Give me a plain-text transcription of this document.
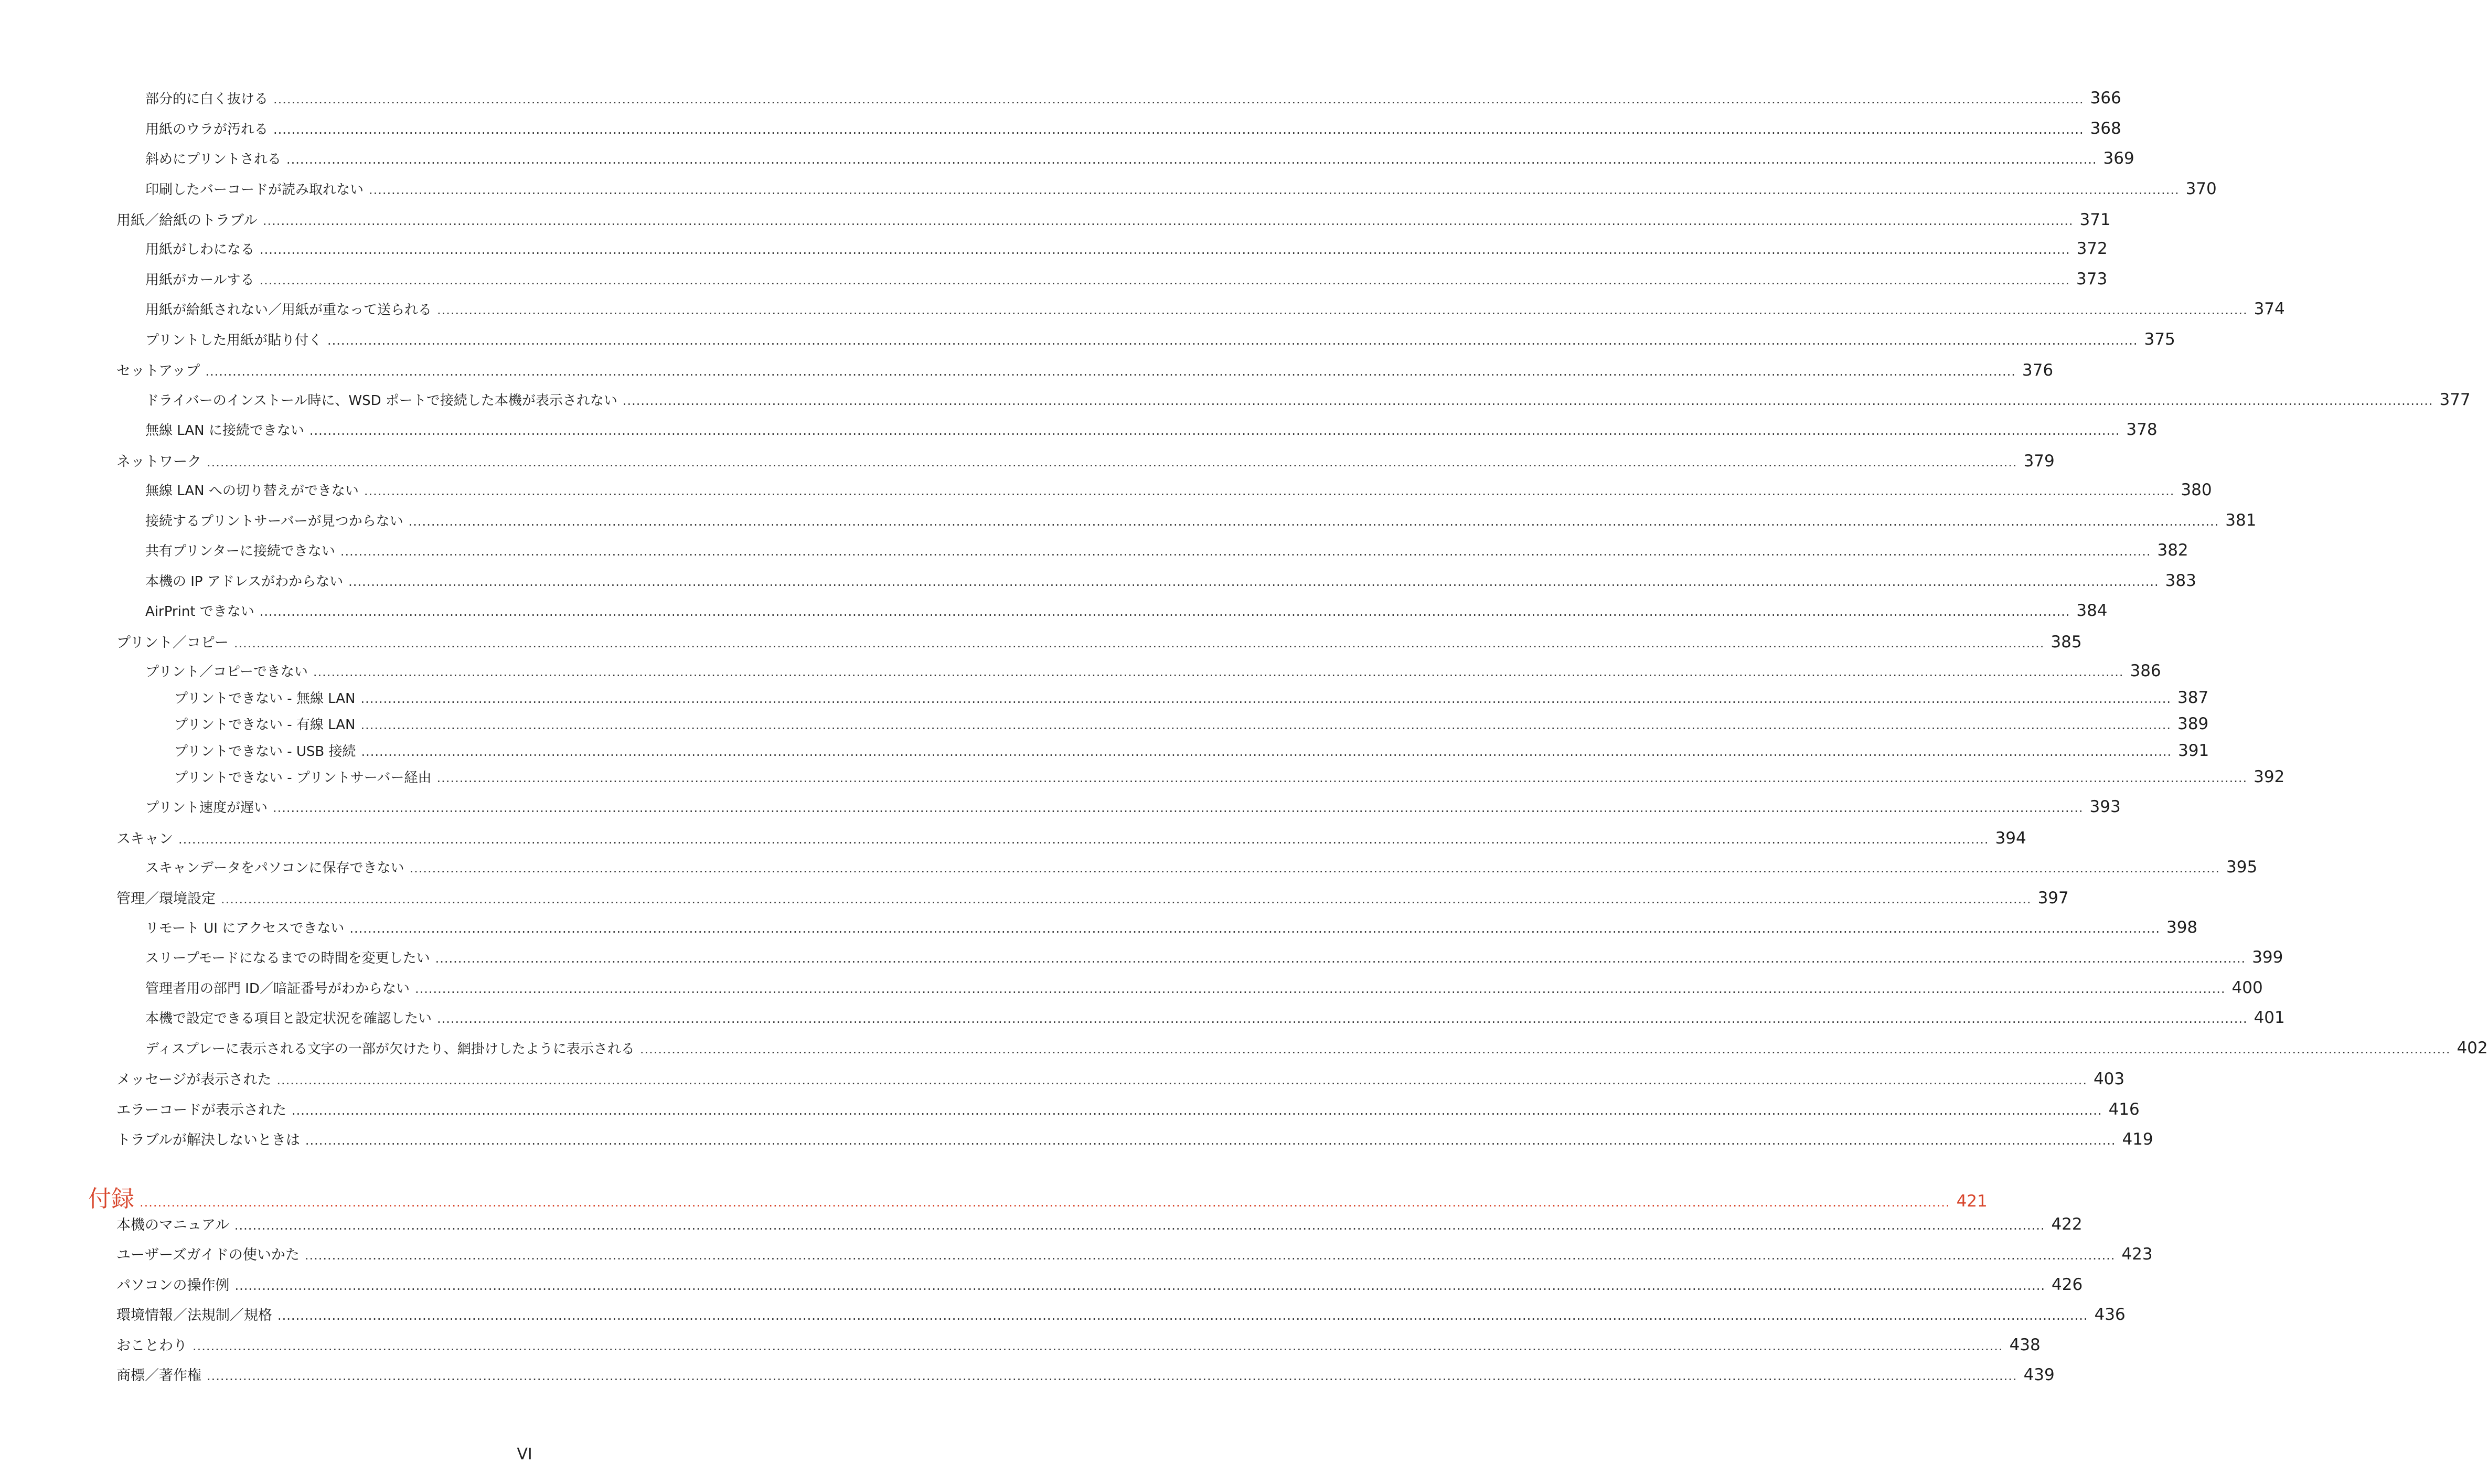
部分的に白く抜ける ................................................................................................................................................................................................................................................................................................................................................................................................................ 366
用紙のウラが汚れる ................................................................................................................................................................................................................................................................................................................................................................................................................ 368
斜めにプリントされる ................................................................................................................................................................................................................................................................................................................................................................................................................ 369
印刷したバーコードが読み取れない ................................................................................................................................................................................................................................................................................................................................................................................................................ 370
用紙／給紙のトラブル ................................................................................................................................................................................................................................................................................................................................................................................................................ 371
用紙がしわになる ................................................................................................................................................................................................................................................................................................................................................................................................................ 372
用紙がカールする ................................................................................................................................................................................................................................................................................................................................................................................................................ 373
用紙が給紙されない／用紙が重なって送られる ................................................................................................................................................................................................................................................................................................................................................................................................................ 374
プリントした用紙が貼り付く ................................................................................................................................................................................................................................................................................................................................................................................................................ 375
セットアップ ................................................................................................................................................................................................................................................................................................................................................................................................................ 376
ドライバーのインストール時に、WSD ポートで接続した本機が表示されない ................................................................................................................................................................................................................................................................................................................................................................................................................ 377
無線 LAN に接続できない ................................................................................................................................................................................................................................................................................................................................................................................................................ 378
ネットワーク ................................................................................................................................................................................................................................................................................................................................................................................................................ 379
無線 LAN への切り替えができない ................................................................................................................................................................................................................................................................................................................................................................................................................ 380
接続するプリントサーバーが見つからない ................................................................................................................................................................................................................................................................................................................................................................................................................ 381
共有プリンターに接続できない ................................................................................................................................................................................................................................................................................................................................................................................................................ 382
本機の IP アドレスがわからない ................................................................................................................................................................................................................................................................................................................................................................................................................ 383
AirPrint できない ................................................................................................................................................................................................................................................................................................................................................................................................................ 384
プリント／コピー ................................................................................................................................................................................................................................................................................................................................................................................................................ 385
プリント／コピーできない ................................................................................................................................................................................................................................................................................................................................................................................................................ 386
プリントできない - 無線 LAN ................................................................................................................................................................................................................................................................................................................................................................................................................ 387
プリントできない - 有線 LAN ................................................................................................................................................................................................................................................................................................................................................................................................................ 389
プリントできない - USB 接続 ................................................................................................................................................................................................................................................................................................................................................................................................................ 391
プリントできない - プリントサーバー経由 ................................................................................................................................................................................................................................................................................................................................................................................................................ 392
プリント速度が遅い ................................................................................................................................................................................................................................................................................................................................................................................................................ 393
スキャン ................................................................................................................................................................................................................................................................................................................................................................................................................ 394
スキャンデータをパソコンに保存できない ................................................................................................................................................................................................................................................................................................................................................................................................................ 395
管理／環境設定 ................................................................................................................................................................................................................................................................................................................................................................................................................ 397
リモート UI にアクセスできない ................................................................................................................................................................................................................................................................................................................................................................................................................ 398
スリープモードになるまでの時間を変更したい ................................................................................................................................................................................................................................................................................................................................................................................................................ 399
管理者用の部門 ID／暗証番号がわからない ................................................................................................................................................................................................................................................................................................................................................................................................................ 400
本機で設定できる項目と設定状況を確認したい ................................................................................................................................................................................................................................................................................................................................................................................................................ 401
ディスプレーに表示される文字の一部が欠けたり、網掛けしたように表示される ................................................................................................................................................................................................................................................................................................................................................................................................................ 402
メッセージが表示された ................................................................................................................................................................................................................................................................................................................................................................................................................ 403
エラーコードが表示された ................................................................................................................................................................................................................................................................................................................................................................................................................ 416
トラブルが解決しないときは ................................................................................................................................................................................................................................................................................................................................................................................................................ 419
付録 ................................................................................................................................................................................................................................................................................................................................................................................................................ 421
本機のマニュアル ................................................................................................................................................................................................................................................................................................................................................................................................................ 422
ユーザーズガイドの使いかた ................................................................................................................................................................................................................................................................................................................................................................................................................ 423
パソコンの操作例 ................................................................................................................................................................................................................................................................................................................................................................................................................ 426
環境情報／法規制／規格 ................................................................................................................................................................................................................................................................................................................................................................................................................ 436
おことわり ................................................................................................................................................................................................................................................................................................................................................................................................................ 438
商標／著作権 ................................................................................................................................................................................................................................................................................................................................................................................................................ 439
VI
